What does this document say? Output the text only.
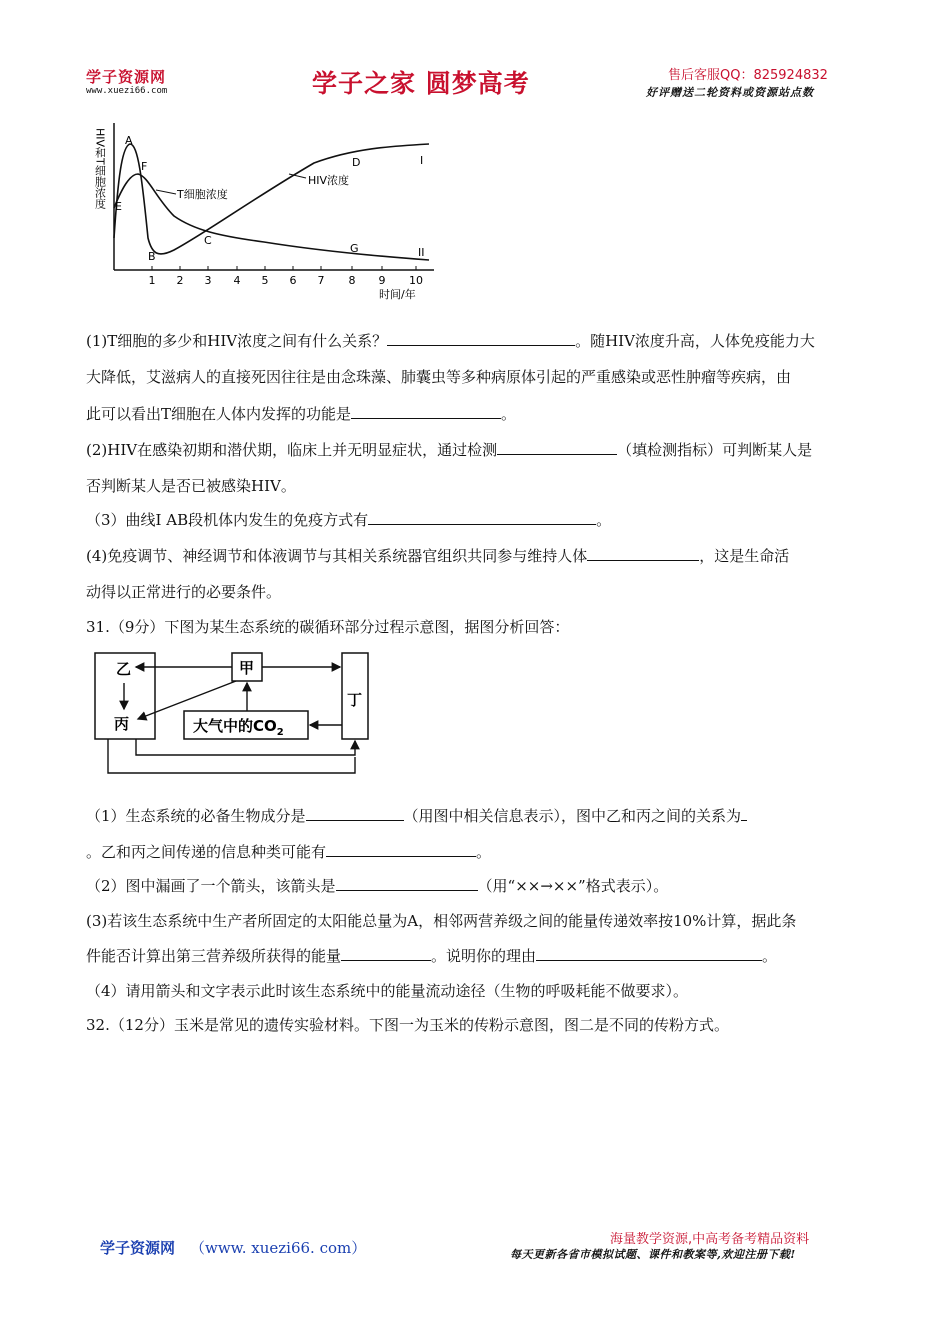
学子资源网
www.xuezi66.com	学子之家 圆梦高考	售后客服QQ：825924832
好评赠送二轮资料或资源站点数
HIV和T细胞浓度
1 2 3 4 5 6 7 8 9 10
时间/年
A
F
E
B
C
D
G
I
II
T细胞浓度
HIV浓度
(1)T细胞的多少和HIV浓度之间有什么关系？	。随HIV浓度升高，人体免疫能力大
大降低，艾滋病人的直接死因往往是由念珠藻、肺囊虫等多种病原体引起的严重感染或恶性肿瘤等疾病，由
此可以看出T细胞在人体内发挥的功能是	。
(2)HIV在感染初期和潜伏期，临床上并无明显症状，通过检测	（填检测指标）可判断某人是
否判断某人是否已被感染HIV。
（3）曲线Ⅰ AB段机体内发生的免疫方式有	。
(4)免疫调节、神经调节和体液调节与其相关系统器官组织共同参与维持人体	，这是生命活
动得以正常进行的必要条件。
31.（9分）下图为某生态系统的碳循环部分过程示意图，据图分析回答：
乙
丙
甲
丁
大气中的$CO_2$
（1）生态系统的必备生物成分是	（用图中相关信息表示），图中乙和丙之间的关系为
。乙和丙之间传递的信息种类可能有	。
（2）图中漏画了一个箭头，该箭头是	（用“××→××”格式表示）。
(3)若该生态系统中生产者所固定的太阳能总量为A，相邻两营养级之间的能量传递效率按10%计算，据此条
件能否计算出第三营养级所获得的能量	。说明你的理由	。
（4）请用箭头和文字表示此时该生态系统中的能量流动途径（生物的呼吸耗能不做要求）。
32.（12分）玉米是常见的遗传实验材料。下图一为玉米的传粉示意图，图二是不同的传粉方式。
学子资源网 （www. xuezi66. com）	海量教学资源,中高考备考精品资料
每天更新各省市模拟试题、课件和教案等,欢迎注册下载!
